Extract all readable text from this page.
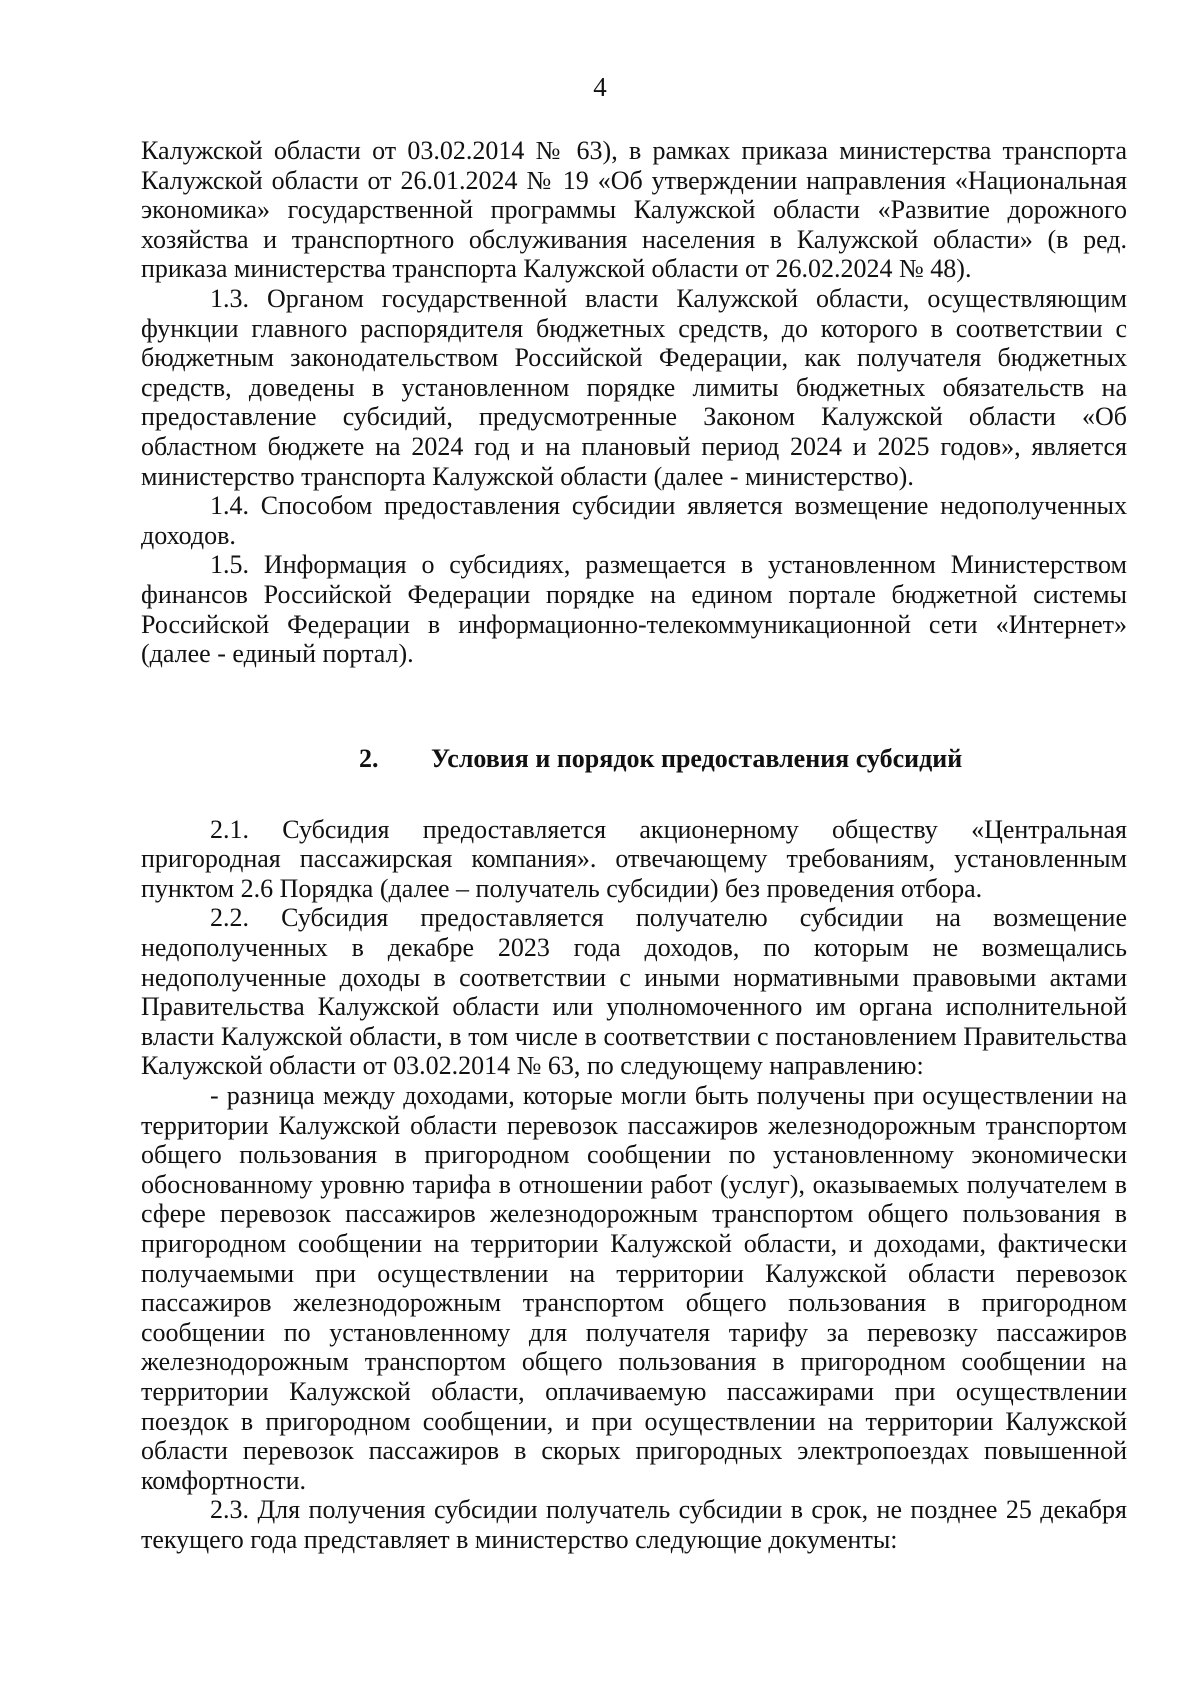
4

Калужской области от 03.02.2014 № 63), в рамках приказа министерства транспорта Калужской области от 26.01.2024 № 19 «Об утверждении направления «Национальная экономика» государственной программы Калужской области «Развитие дорожного хозяйства и транспортного обслуживания населения в Калужской области» (в ред. приказа министерства транспорта Калужской области от 26.02.2024 № 48).

1.3. Органом государственной власти Калужской области, осуществляющим функции главного распорядителя бюджетных средств, до которого в соответствии с бюджетным законодательством Российской Федерации, как получателя бюджетных средств, доведены в установленном порядке лимиты бюджетных обязательств на предоставление субсидий, предусмотренные Законом Калужской области «Об областном бюджете на 2024 год и на плановый период 2024 и 2025 годов», является министерство транспорта Калужской области (далее - министерство).

1.4. Способом предоставления субсидии является возмещение недополученных доходов.

1.5. Информация о субсидиях, размещается в установленном Министерством финансов Российской Федерации порядке на едином портале бюджетной системы Российской Федерации в информационно-телекоммуникационной сети «Интернет» (далее - единый портал).

2. Условия и порядок предоставления субсидий

2.1. Субсидия предоставляется акционерному обществу «Центральная пригородная пассажирская компания». отвечающему требованиям, установленным пунктом 2.6 Порядка (далее – получатель субсидии) без проведения отбора.

2.2. Субсидия предоставляется получателю субсидии на возмещение недополученных в декабре 2023 года доходов, по которым не возмещались недополученные доходы в соответствии с иными нормативными правовыми актами Правительства Калужской области или уполномоченного им органа исполнительной власти Калужской области, в том числе в соответствии с постановлением Правительства Калужской области от 03.02.2014 № 63, по следующему направлению:

- разница между доходами, которые могли быть получены при осуществлении на территории Калужской области перевозок пассажиров железнодорожным транспортом общего пользования в пригородном сообщении по установленному экономически обоснованному уровню тарифа в отношении работ (услуг), оказываемых получателем в сфере перевозок пассажиров железнодорожным транспортом общего пользования в пригородном сообщении на территории Калужской области, и доходами, фактически получаемыми при осуществлении на территории Калужской области перевозок пассажиров железнодорожным транспортом общего пользования в пригородном сообщении по установленному для получателя тарифу за перевозку пассажиров железнодорожным транспортом общего пользования в пригородном сообщении на территории Калужской области, оплачиваемую пассажирами при осуществлении поездок в пригородном сообщении, и при осуществлении на территории Калужской области перевозок пассажиров в скорых пригородных электропоездах повышенной комфортности.

2.3. Для получения субсидии получатель субсидии в срок, не позднее 25 декабря текущего года представляет в министерство следующие документы:
